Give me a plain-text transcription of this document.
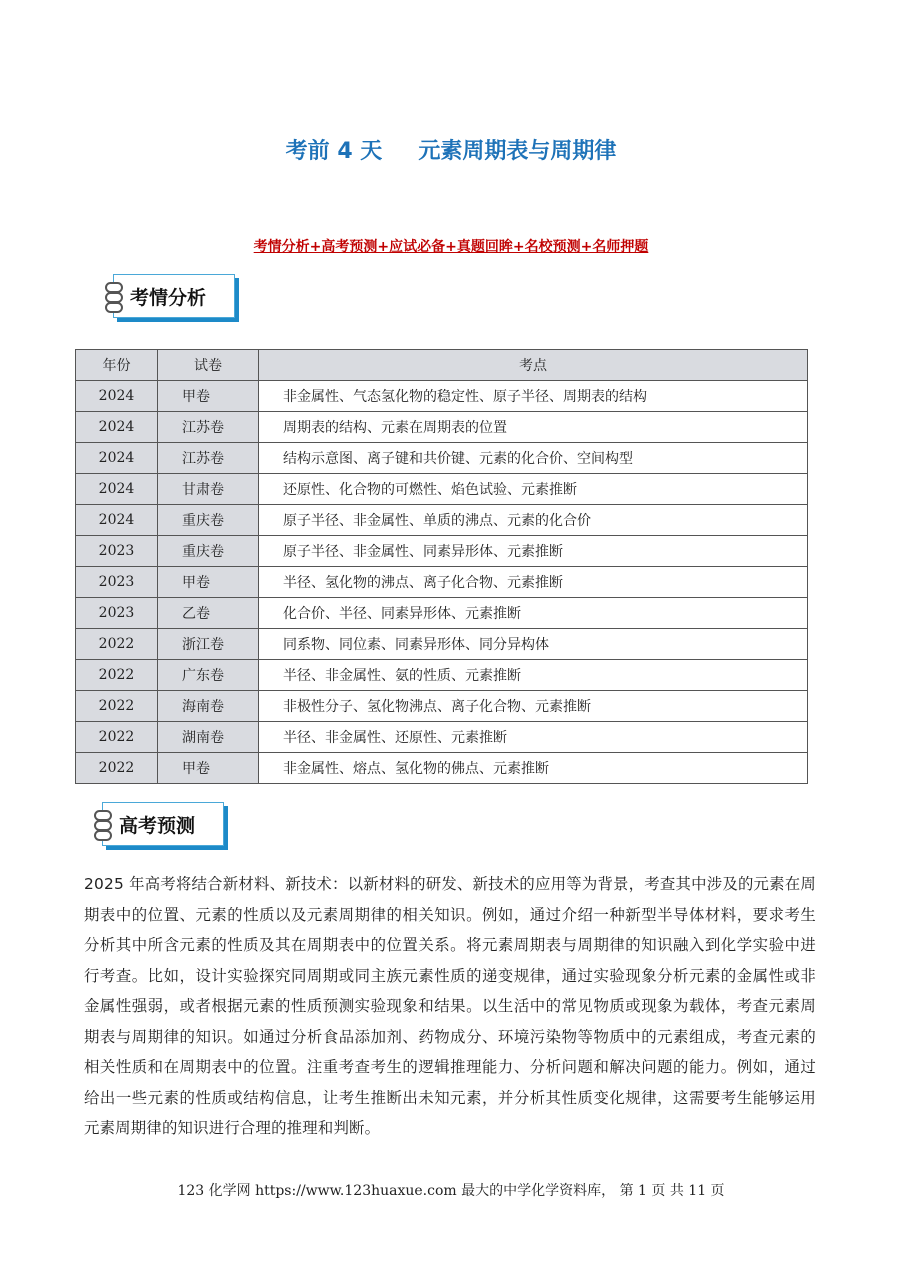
考前 4 天 元素周期表与周期律
考情分析+高考预测+应试必备+真题回眸+名校预测+名师押题
考情分析
年份	试卷	考点
2024	甲卷	非金属性、气态氢化物的稳定性、原子半径、周期表的结构
2024	江苏卷	周期表的结构、元素在周期表的位置
2024	江苏卷	结构示意图、离子键和共价键、元素的化合价、空间构型
2024	甘肃卷	还原性、化合物的可燃性、焰色试验、元素推断
2024	重庆卷	原子半径、非金属性、单质的沸点、元素的化合价
2023	重庆卷	原子半径、非金属性、同素异形体、元素推断
2023	甲卷	半径、氢化物的沸点、离子化合物、元素推断
2023	乙卷	化合价、半径、同素异形体、元素推断
2022	浙江卷	同系物、同位素、同素异形体、同分异构体
2022	广东卷	半径、非金属性、氨的性质、元素推断
2022	海南卷	非极性分子、氢化物沸点、离子化合物、元素推断
2022	湖南卷	半径、非金属性、还原性、元素推断
2022	甲卷	非金属性、熔点、氢化物的佛点、元素推断
高考预测
2025 年高考将结合新材料、新技术：以新材料的研发、新技术的应用等为背景，考查其中涉及的元素在周期表中的位置、元素的性质以及元素周期律的相关知识。例如，通过介绍一种新型半导体材料，要求考生分析其中所含元素的性质及其在周期表中的位置关系。将元素周期表与周期律的知识融入到化学实验中进行考查。比如，设计实验探究同周期或同主族元素性质的递变规律，通过实验现象分析元素的金属性或非金属性强弱，或者根据元素的性质预测实验现象和结果。以生活中的常见物质或现象为载体，考查元素周期表与周期律的知识。如通过分析食品添加剂、药物成分、环境污染物等物质中的元素组成，考查元素的相关性质和在周期表中的位置。注重考查考生的逻辑推理能力、分析问题和解决问题的能力。例如，通过给出一些元素的性质或结构信息，让考生推断出未知元素，并分析其性质变化规律，这需要考生能够运用元素周期律的知识进行合理的推理和判断。
123 化学网 https://www.123huaxue.com 最大的中学化学资料库， 第 1 页 共 11 页
